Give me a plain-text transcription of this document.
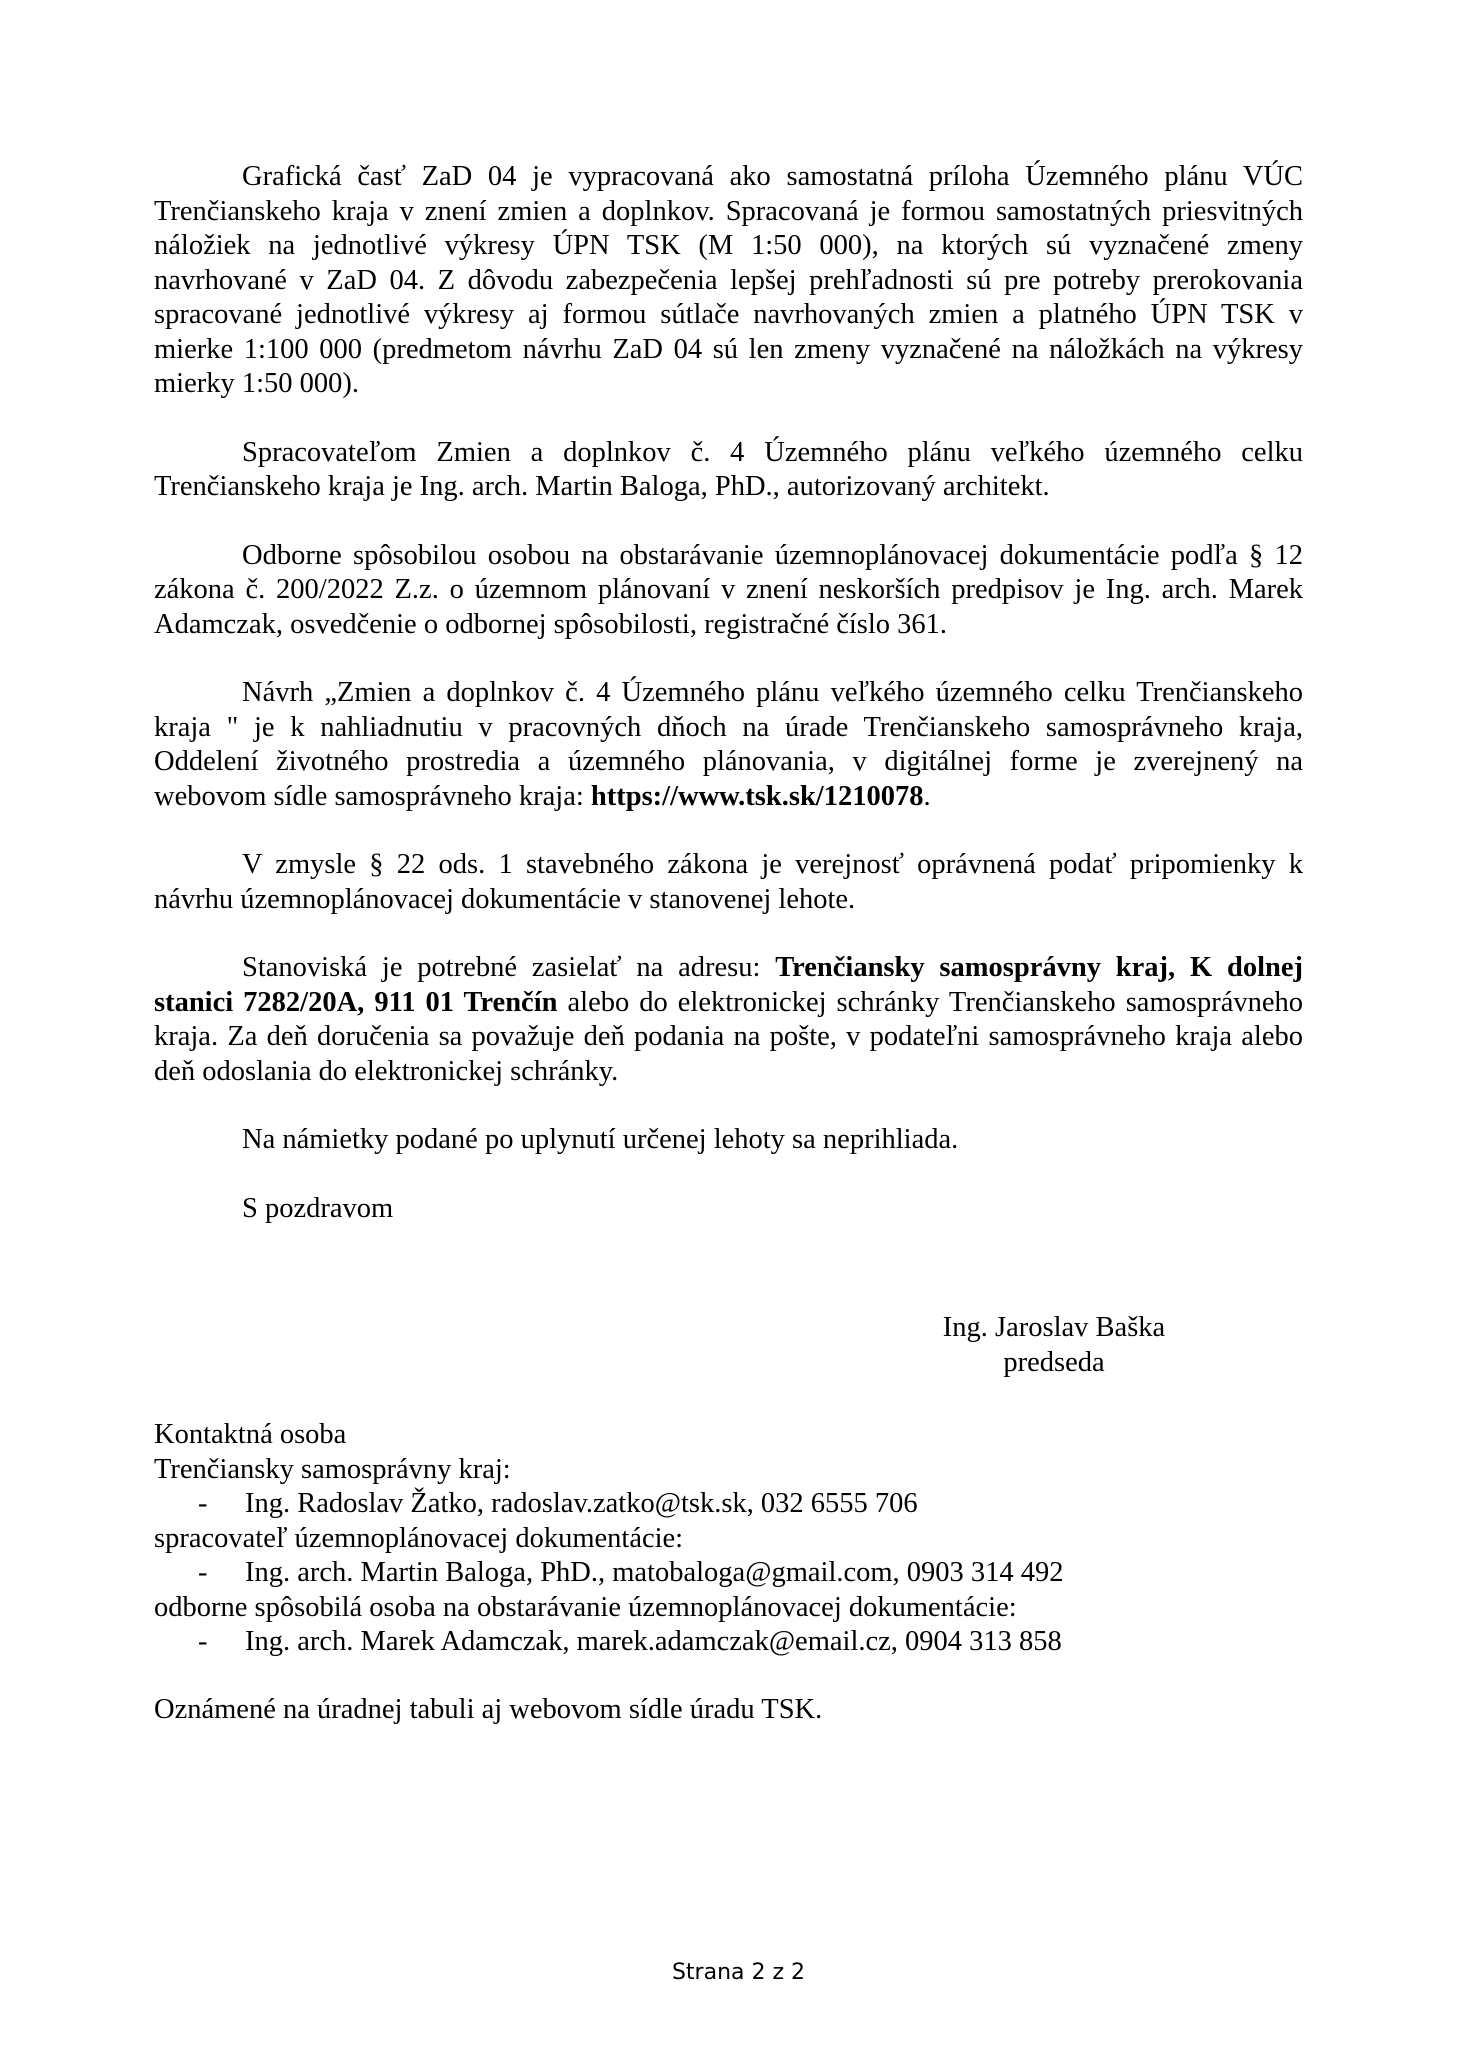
Grafická časť ZaD 04 je vypracovaná ako samostatná príloha Územného plánu VÚC Trenčianskeho kraja v znení zmien a doplnkov. Spracovaná je formou samostatných priesvitných náložiek na jednotlivé výkresy ÚPN TSK (M 1:50 000), na ktorých sú vyznačené zmeny navrhované v ZaD 04. Z dôvodu zabezpečenia lepšej prehľadnosti sú pre potreby prerokovania spracované jednotlivé výkresy aj formou sútlače navrhovaných zmien a platného ÚPN TSK v mierke 1:100 000 (predmetom návrhu ZaD 04 sú len zmeny vyznačené na náložkách na výkresy mierky 1:50 000).

Spracovateľom Zmien a doplnkov č. 4 Územného plánu veľkého územného celku Trenčianskeho kraja je Ing. arch. Martin Baloga, PhD., autorizovaný architekt.

Odborne spôsobilou osobou na obstarávanie územnoplánovacej dokumentácie podľa § 12 zákona č. 200/2022 Z.z. o územnom plánovaní v znení neskorších predpisov je Ing. arch. Marek Adamczak, osvedčenie o odbornej spôsobilosti, registračné číslo 361.

Návrh „Zmien a doplnkov č. 4 Územného plánu veľkého územného celku Trenčianskeho kraja " je k nahliadnutiu v pracovných dňoch na úrade Trenčianskeho samosprávneho kraja, Oddelení životného prostredia a územného plánovania, v digitálnej forme je zverejnený na webovom sídle samosprávneho kraja: https://www.tsk.sk/1210078.

V zmysle § 22 ods. 1 stavebného zákona je verejnosť oprávnená podať pripomienky k návrhu územnoplánovacej dokumentácie v stanovenej lehote.

Stanoviská je potrebné zasielať na adresu: Trenčiansky samosprávny kraj, K dolnej stanici 7282/20A, 911 01 Trenčín alebo do elektronickej schránky Trenčianskeho samosprávneho kraja. Za deň doručenia sa považuje deň podania na pošte, v podateľni samosprávneho kraja alebo deň odoslania do elektronickej schránky.

Na námietky podané po uplynutí určenej lehoty sa neprihliada.

S pozdravom

Ing. Jaroslav Baška
predseda

Kontaktná osoba

Trenčiansky samosprávny kraj:

- Ing. Radoslav Žatko, radoslav.zatko@tsk.sk, 032 6555 706

spracovateľ územnoplánovacej dokumentácie:

- Ing. arch. Martin Baloga, PhD., matobaloga@gmail.com, 0903 314 492

odborne spôsobilá osoba na obstarávanie územnoplánovacej dokumentácie:

- Ing. arch. Marek Adamczak, marek.adamczak@email.cz, 0904 313 858

Oznámené na úradnej tabuli aj webovom sídle úradu TSK.
Strana 2 z 2
